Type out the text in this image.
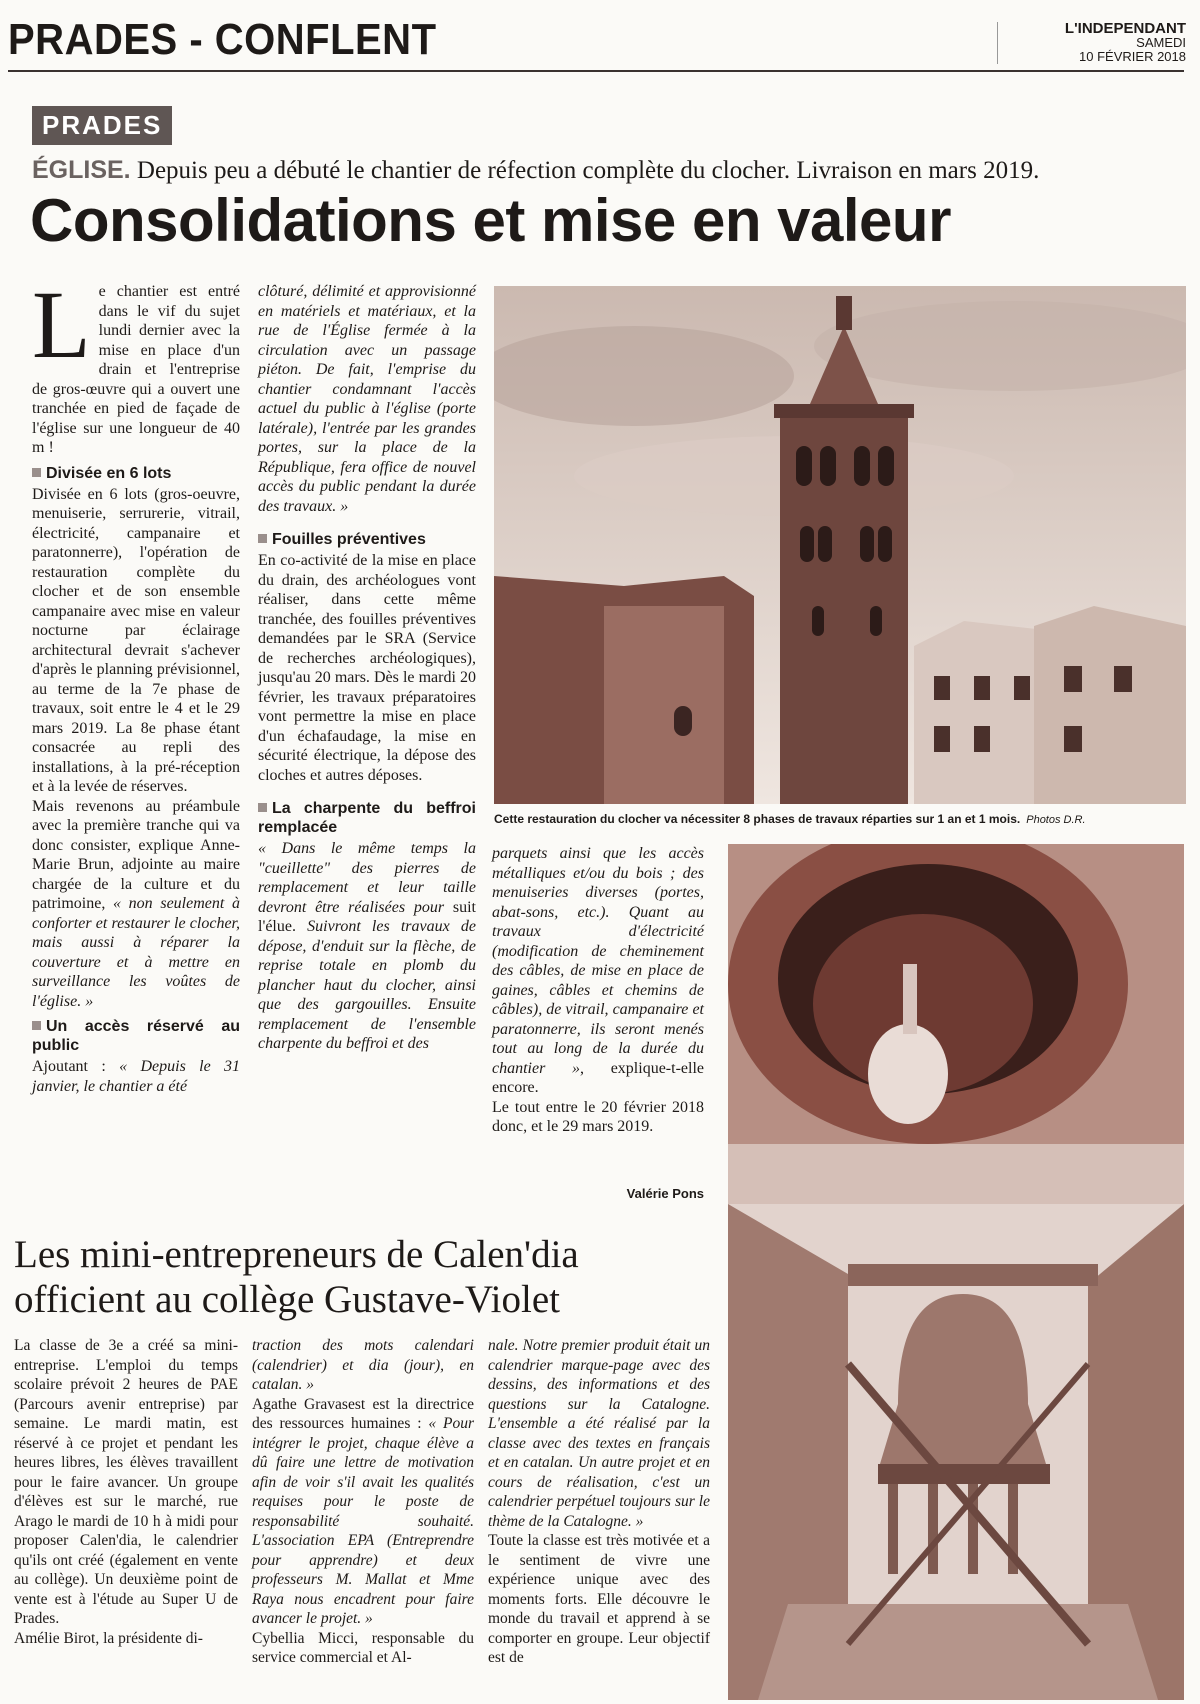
PRADES - CONFLENT	L'INDEPENDANT
SAMEDI
10 FÉVRIER 2018
PRADES
ÉGLISE. Depuis peu a débuté le chantier de réfection complète du clocher. Livraison en mars 2019.
Consolidations et mise en valeur
L e chantier est entré dans le vif du sujet lundi dernier avec la mise en place d'un drain et l'entreprise de gros-œuvre qui a ouvert une tranchée en pied de façade de l'église sur une longueur de 40 m !

Divisée en 6 lots

Divisée en 6 lots (gros-oeuvre, menuiserie, serrurerie, vitrail, électricité, campanaire et paratonnerre), l'opération de restauration complète du clocher et de son ensemble campanaire avec mise en valeur nocturne par éclairage architectural devrait s'achever d'après le planning prévisionnel, au terme de la 7e phase de travaux, soit entre le 4 et le 29 mars 2019. La 8e phase étant consacrée au repli des installations, à la pré-réception et à la levée de réserves.

Mais revenons au préambule avec la première tranche qui va donc consister, explique Anne-Marie Brun, adjointe au maire chargée de la culture et du patrimoine, « non seulement à conforter et restaurer le clocher, mais aussi à réparer la couverture et à mettre en surveillance les voûtes de l'église. »

Un accès réservé au public

Ajoutant : « Depuis le 31 janvier, le chantier a été

clôturé, délimité et approvisionné en matériels et matériaux, et la rue de l'Église fermée à la circulation avec un passage piéton. De fait, l'emprise du chantier condamnant l'accès actuel du public à l'église (porte latérale), l'entrée par les grandes portes, sur la place de la République, fera office de nouvel accès du public pendant la durée des travaux. »

Fouilles préventives

En co-activité de la mise en place du drain, des archéologues vont réaliser, dans cette même tranchée, des fouilles préventives demandées par le SRA (Service de recherches archéologiques), jusqu'au 20 mars. Dès le mardi 20 février, les travaux préparatoires vont permettre la mise en place d'un échafaudage, la mise en sécurité électrique, la dépose des cloches et autres déposes.

La charpente du beffroi remplacée

« Dans le même temps la "cueillette" des pierres de remplacement et leur taille devront être réalisées pour suit l'élue. Suivront les travaux de dépose, d'enduit sur la flèche, de reprise totale en plomb du plancher haut du clocher, ainsi que des gargouilles. Ensuite remplacement de l'ensemble charpente du beffroi et des

Cette restauration du clocher va nécessiter 8 phases de travaux réparties sur 1 an et 1 mois. Photos D.R.

parquets ainsi que les accès métalliques et/ou du bois ; des menuiseries diverses (portes, abat-sons, etc.). Quant au travaux d'électricité (modification de cheminement des câbles, de mise en place de gaines, câbles et chemins de câbles), de vitrail, campanaire et paratonnerre, ils seront menés tout au long de la durée du chantier », explique-t-elle encore.

Le tout entre le 20 février 2018 donc, et le 29 mars 2019.

Valérie Pons
Les mini-entrepreneurs de Calen'dia
officient au collège Gustave-Violet

La classe de 3e a créé sa mini-entreprise. L'emploi du temps scolaire prévoit 2 heures de PAE (Parcours avenir entreprise) par semaine. Le mardi matin, est réservé à ce projet et pendant les heures libres, les élèves travaillent pour le faire avancer. Un groupe d'élèves est sur le marché, rue Arago le mardi de 10 h à midi pour proposer Calen'dia, le calendrier qu'ils ont créé (également en vente au collège). Un deuxième point de vente est à l'étude au Super U de Prades.

Amélie Birot, la présidente di-

traction des mots calendari (calendrier) et dia (jour), en catalan. »

Agathe Gravasest est la directrice des ressources humaines : « Pour intégrer le projet, chaque élève a dû faire une lettre de motivation afin de voir s'il avait les qualités requises pour le poste de responsabilité souhaité. L'association EPA (Entreprendre pour apprendre) et deux professeurs M. Mallat et Mme Raya nous encadrent pour faire avancer le projet. »

Cybellia Micci, responsable du service commercial et Al-

nale. Notre premier produit était un calendrier marque-page avec des dessins, des informations et des questions sur la Catalogne. L'ensemble a été réalisé par la classe avec des textes en français et en catalan. Un autre projet et en cours de réalisation, c'est un calendrier perpétuel toujours sur le thème de la Catalogne. »

Toute la classe est très motivée et a le sentiment de vivre une expérience unique avec des moments forts. Elle découvre le monde du travail et apprend à se comporter en groupe. Leur objectif est de
